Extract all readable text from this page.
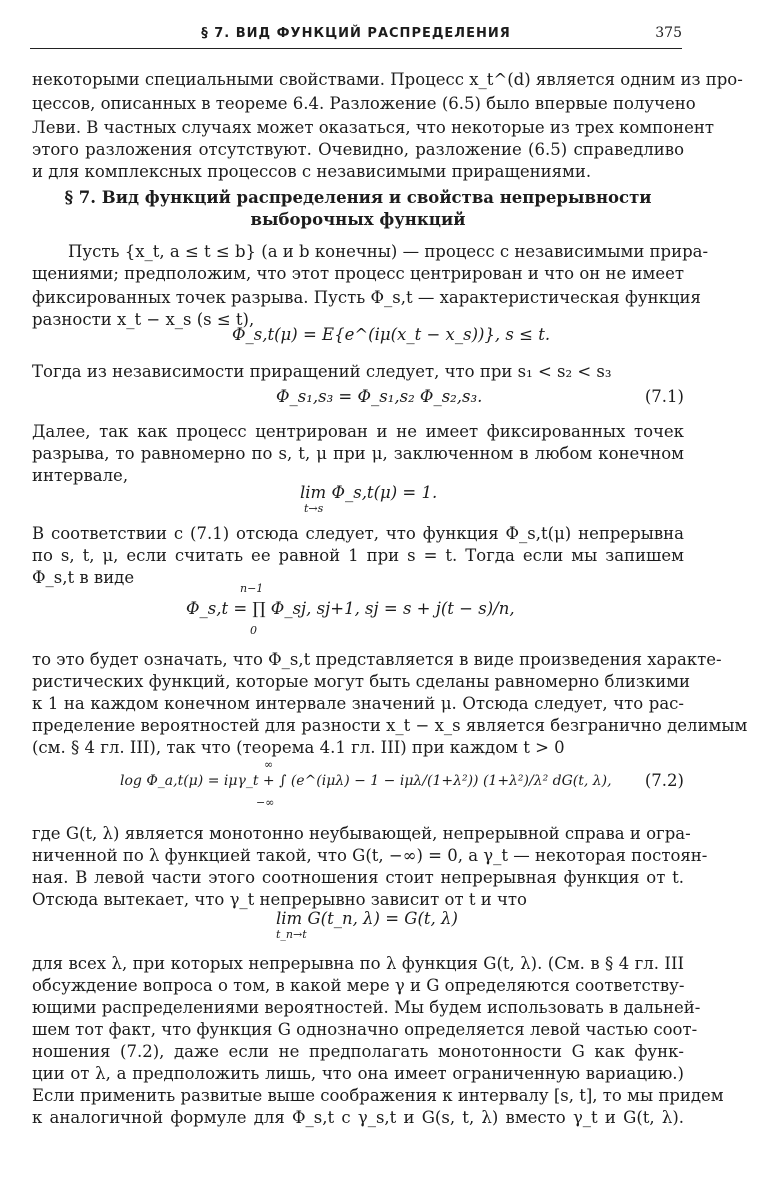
§ 7. ВИД ФУНКЦИЙ РАСПРЕДЕЛЕНИЯ	375
некоторыми специальными свойствами. Процесс x_t^(d) является одним из про-
цессов, описанных в теореме 6.4. Разложение (6.5) было впервые получено
Леви. В частных случаях может оказаться, что некоторые из трех компонент
этого разложения отсутствуют. Очевидно, разложение (6.5) справедливо
и для комплексных процессов с независимыми приращениями.
§ 7. Вид функций распределения и свойства непрерывности
выборочных функций
Пусть {x_t, a ≤ t ≤ b} (a и b конечны) — процесс с независимыми прира-
щениями; предположим, что этот процесс центрирован и что он не имеет
фиксированных точек разрыва. Пусть Φ_s,t — характеристическая функция
разности x_t − x_s (s ≤ t),
Φ_s,t(μ) = E{e^(iμ(x_t − x_s))}, s ≤ t.
Тогда из независимости приращений следует, что при s₁ < s₂ < s₃
Φ_s₁,s₃ = Φ_s₁,s₂ Φ_s₂,s₃.	(7.1)
Далее, так как процесс центрирован и не имеет фиксированных точек
разрыва, то равномерно по s, t, μ при μ, заключенном в любом конечном
интервале,
lim Φ_s,t(μ) = 1.
t→s
В соответствии с (7.1) отсюда следует, что функция Φ_s,t(μ) непрерывна
по s, t, μ, если считать ее равной 1 при s = t. Тогда если мы запишем
Φ_s,t в виде
n−1
Φ_s,t = ∏ Φ_sj, sj+1, sj = s + j(t − s)/n,
0
то это будет означать, что Φ_s,t представляется в виде произведения характе-
ристических функций, которые могут быть сделаны равномерно близкими
к 1 на каждом конечном интервале значений μ. Отсюда следует, что рас-
пределение вероятностей для разности x_t − x_s является безгранично делимым
(см. § 4 гл. III), так что (теорема 4.1 гл. III) при каждом t > 0
∞
log Φ_a,t(μ) = iμγ_t + ∫ (e^(iμλ) − 1 − iμλ/(1+λ²)) (1+λ²)/λ² dG(t, λ),
−∞
(7.2)
где G(t, λ) является монотонно неубывающей, непрерывной справа и огра-
ниченной по λ функцией такой, что G(t, −∞) = 0, а γ_t — некоторая постоян-
ная. В левой части этого соотношения стоит непрерывная функция от t.
Отсюда вытекает, что γ_t непрерывно зависит от t и что
lim G(t_n, λ) = G(t, λ)
t_n→t
для всех λ, при которых непрерывна по λ функция G(t, λ). (См. в § 4 гл. III
обсуждение вопроса о том, в какой мере γ и G определяются соответству-
ющими распределениями вероятностей. Мы будем использовать в дальней-
шем тот факт, что функция G однозначно определяется левой частью соот-
ношения (7.2), даже если не предполагать монотонности G как функ-
ции от λ, а предположить лишь, что она имеет ограниченную вариацию.)
Если применить развитые выше соображения к интервалу [s, t], то мы придем
к аналогичной формуле для Φ_s,t с γ_s,t и G(s, t, λ) вместо γ_t и G(t, λ).
